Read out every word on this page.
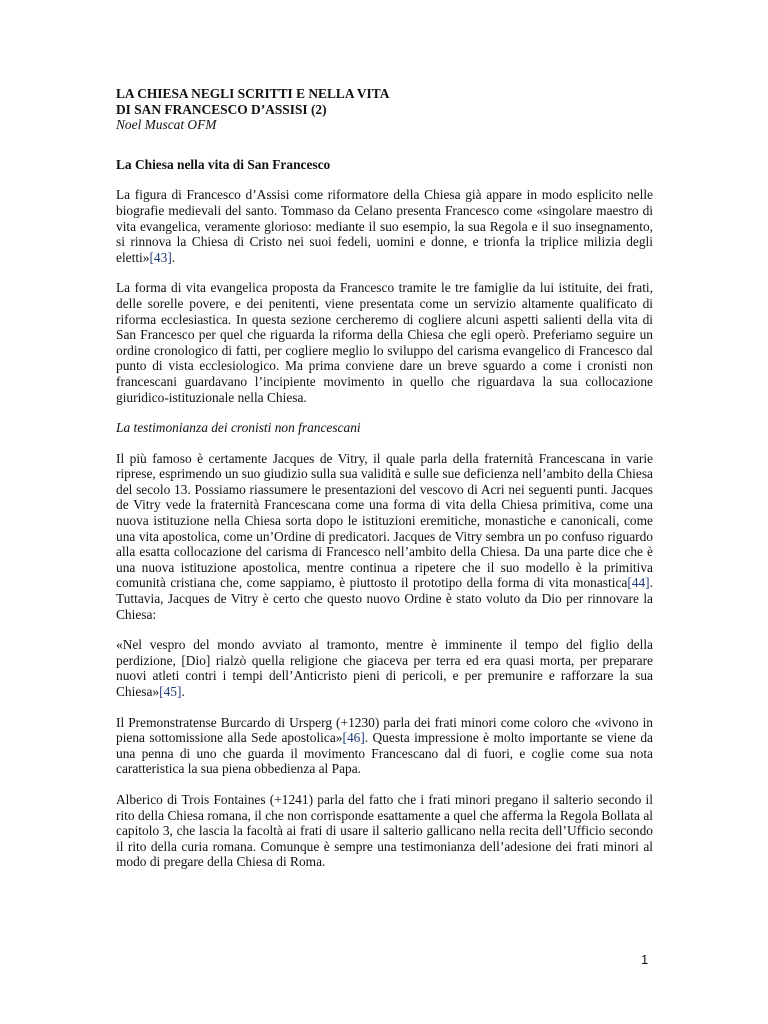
LA CHIESA NEGLI SCRITTI E NELLA VITA
DI SAN FRANCESCO D’ASSISI (2)
Noel Muscat OFM
La Chiesa nella vita di San Francesco

La figura di Francesco d’Assisi come riformatore della Chiesa già appare in modo esplicito nelle biografie medievali del santo. Tommaso da Celano presenta Francesco come «singolare maestro di vita evangelica, veramente glorioso: mediante il suo esempio, la sua Regola e il suo insegnamento, si rinnova la Chiesa di Cristo nei suoi fedeli, uomini e donne, e trionfa la triplice milizia degli eletti»[43].

La forma di vita evangelica proposta da Francesco tramite le tre famiglie da lui istituite, dei frati, delle sorelle povere, e dei penitenti, viene presentata come un servizio altamente qualificato di riforma ecclesiastica. In questa sezione cercheremo di cogliere alcuni aspetti salienti della vita di San Francesco per quel che riguarda la riforma della Chiesa che egli operò. Preferiamo seguire un ordine cronologico di fatti, per cogliere meglio lo sviluppo del carisma evangelico di Francesco dal punto di vista ecclesiologico. Ma prima conviene dare un breve sguardo a come i cronisti non francescani guardavano l’incipiente movimento in quello che riguardava la sua collocazione giuridico-istituzionale nella Chiesa.

La testimonianza dei cronisti non francescani

Il più famoso è certamente Jacques de Vitry, il quale parla della fraternità Francescana in varie riprese, esprimendo un suo giudizio sulla sua validità e sulle sue deficienza nell’ambito della Chiesa del secolo 13. Possiamo riassumere le presentazioni del vescovo di Acri nei seguenti punti. Jacques de Vitry vede la fraternità Francescana come una forma di vita della Chiesa primitiva, come una nuova istituzione nella Chiesa sorta dopo le istituzioni eremitiche, monastiche e canonicali, come una vita apostolica, come un’Ordine di predicatori. Jacques de Vitry sembra un po confuso riguardo alla esatta collocazione del carisma di Francesco nell’ambito della Chiesa. Da una parte dice che è una nuova istituzione apostolica, mentre continua a ripetere che il suo modello è la primitiva comunità cristiana che, come sappiamo, è piuttosto il prototipo della forma di vita monastica[44]. Tuttavia, Jacques de Vitry è certo che questo nuovo Ordine è stato voluto da Dio per rinnovare la Chiesa:

«Nel vespro del mondo avviato al tramonto, mentre è imminente il tempo del figlio della perdizione, [Dio] rialzò quella religione che giaceva per terra ed era quasi morta, per preparare nuovi atleti contri i tempi dell’Anticristo pieni di pericoli, e per premunire e rafforzare la sua Chiesa»[45].

Il Premonstratense Burcardo di Ursperg (+1230) parla dei frati minori come coloro che «vivono in piena sottomissione alla Sede apostolica»[46]. Questa impressione è molto importante se viene da una penna di uno che guarda il movimento Francescano dal di fuori, e coglie come sua nota caratteristica la sua piena obbedienza al Papa.

Alberico di Trois Fontaines (+1241) parla del fatto che i frati minori pregano il salterio secondo il rito della Chiesa romana, il che non corrisponde esattamente a quel che afferma la Regola Bollata al capitolo 3, che lascia la facoltà ai frati di usare il salterio gallicano nella recita dell’Ufficio secondo il rito della curia romana. Comunque è sempre una testimonianza dell’adesione dei frati minori al modo di pregare della Chiesa di Roma.

1
